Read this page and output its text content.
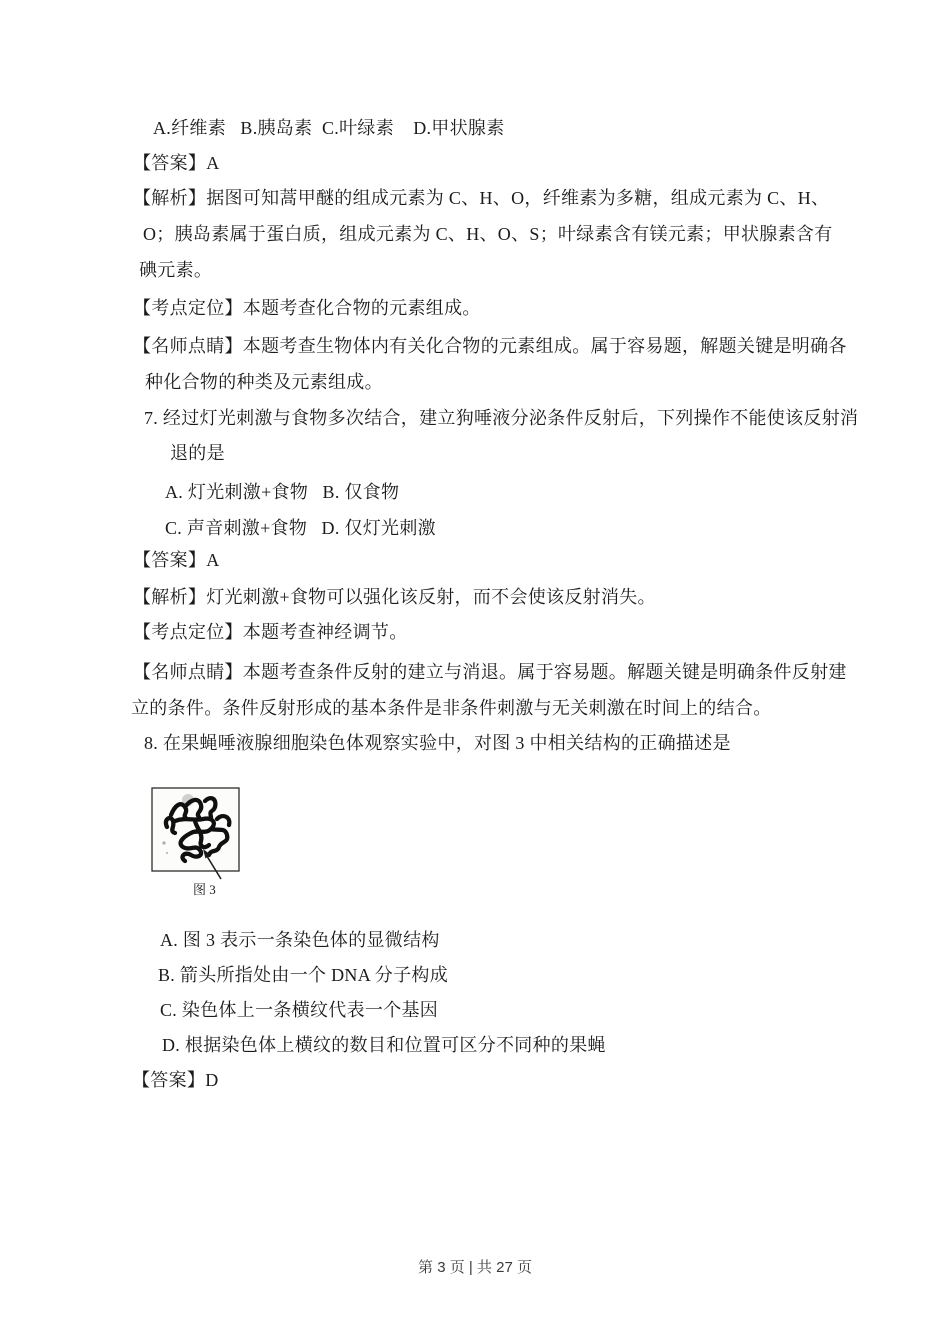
A.纤维素   B.胰岛素  C.叶绿素    D.甲状腺素
【答案】A
【解析】据图可知蒿甲醚的组成元素为 C、H、O，纤维素为多糖，组成元素为 C、H、
O；胰岛素属于蛋白质，组成元素为 C、H、O、S；叶绿素含有镁元素；甲状腺素含有
碘元素。
【考点定位】本题考查化合物的元素组成。
【名师点睛】本题考查生物体内有关化合物的元素组成。属于容易题，解题关键是明确各
种化合物的种类及元素组成。
7. 经过灯光刺激与食物多次结合，建立狗唾液分泌条件反射后，下列操作不能使该反射消
退的是
A. 灯光刺激+食物   B. 仅食物
C. 声音刺激+食物   D. 仅灯光刺激
【答案】A
【解析】灯光刺激+食物可以强化该反射，而不会使该反射消失。
【考点定位】本题考查神经调节。
【名师点睛】本题考查条件反射的建立与消退。属于容易题。解题关键是明确条件反射建
立的条件。条件反射形成的基本条件是非条件刺激与无关刺激在时间上的结合。
8. 在果蝇唾液腺细胞染色体观察实验中，对图 3 中相关结构的正确描述是
图 3
A. 图 3 表示一条染色体的显微结构
B. 箭头所指处由一个 DNA 分子构成
C. 染色体上一条横纹代表一个基因
D. 根据染色体上横纹的数目和位置可区分不同种的果蝇
【答案】D
第 3 页 | 共 27 页
